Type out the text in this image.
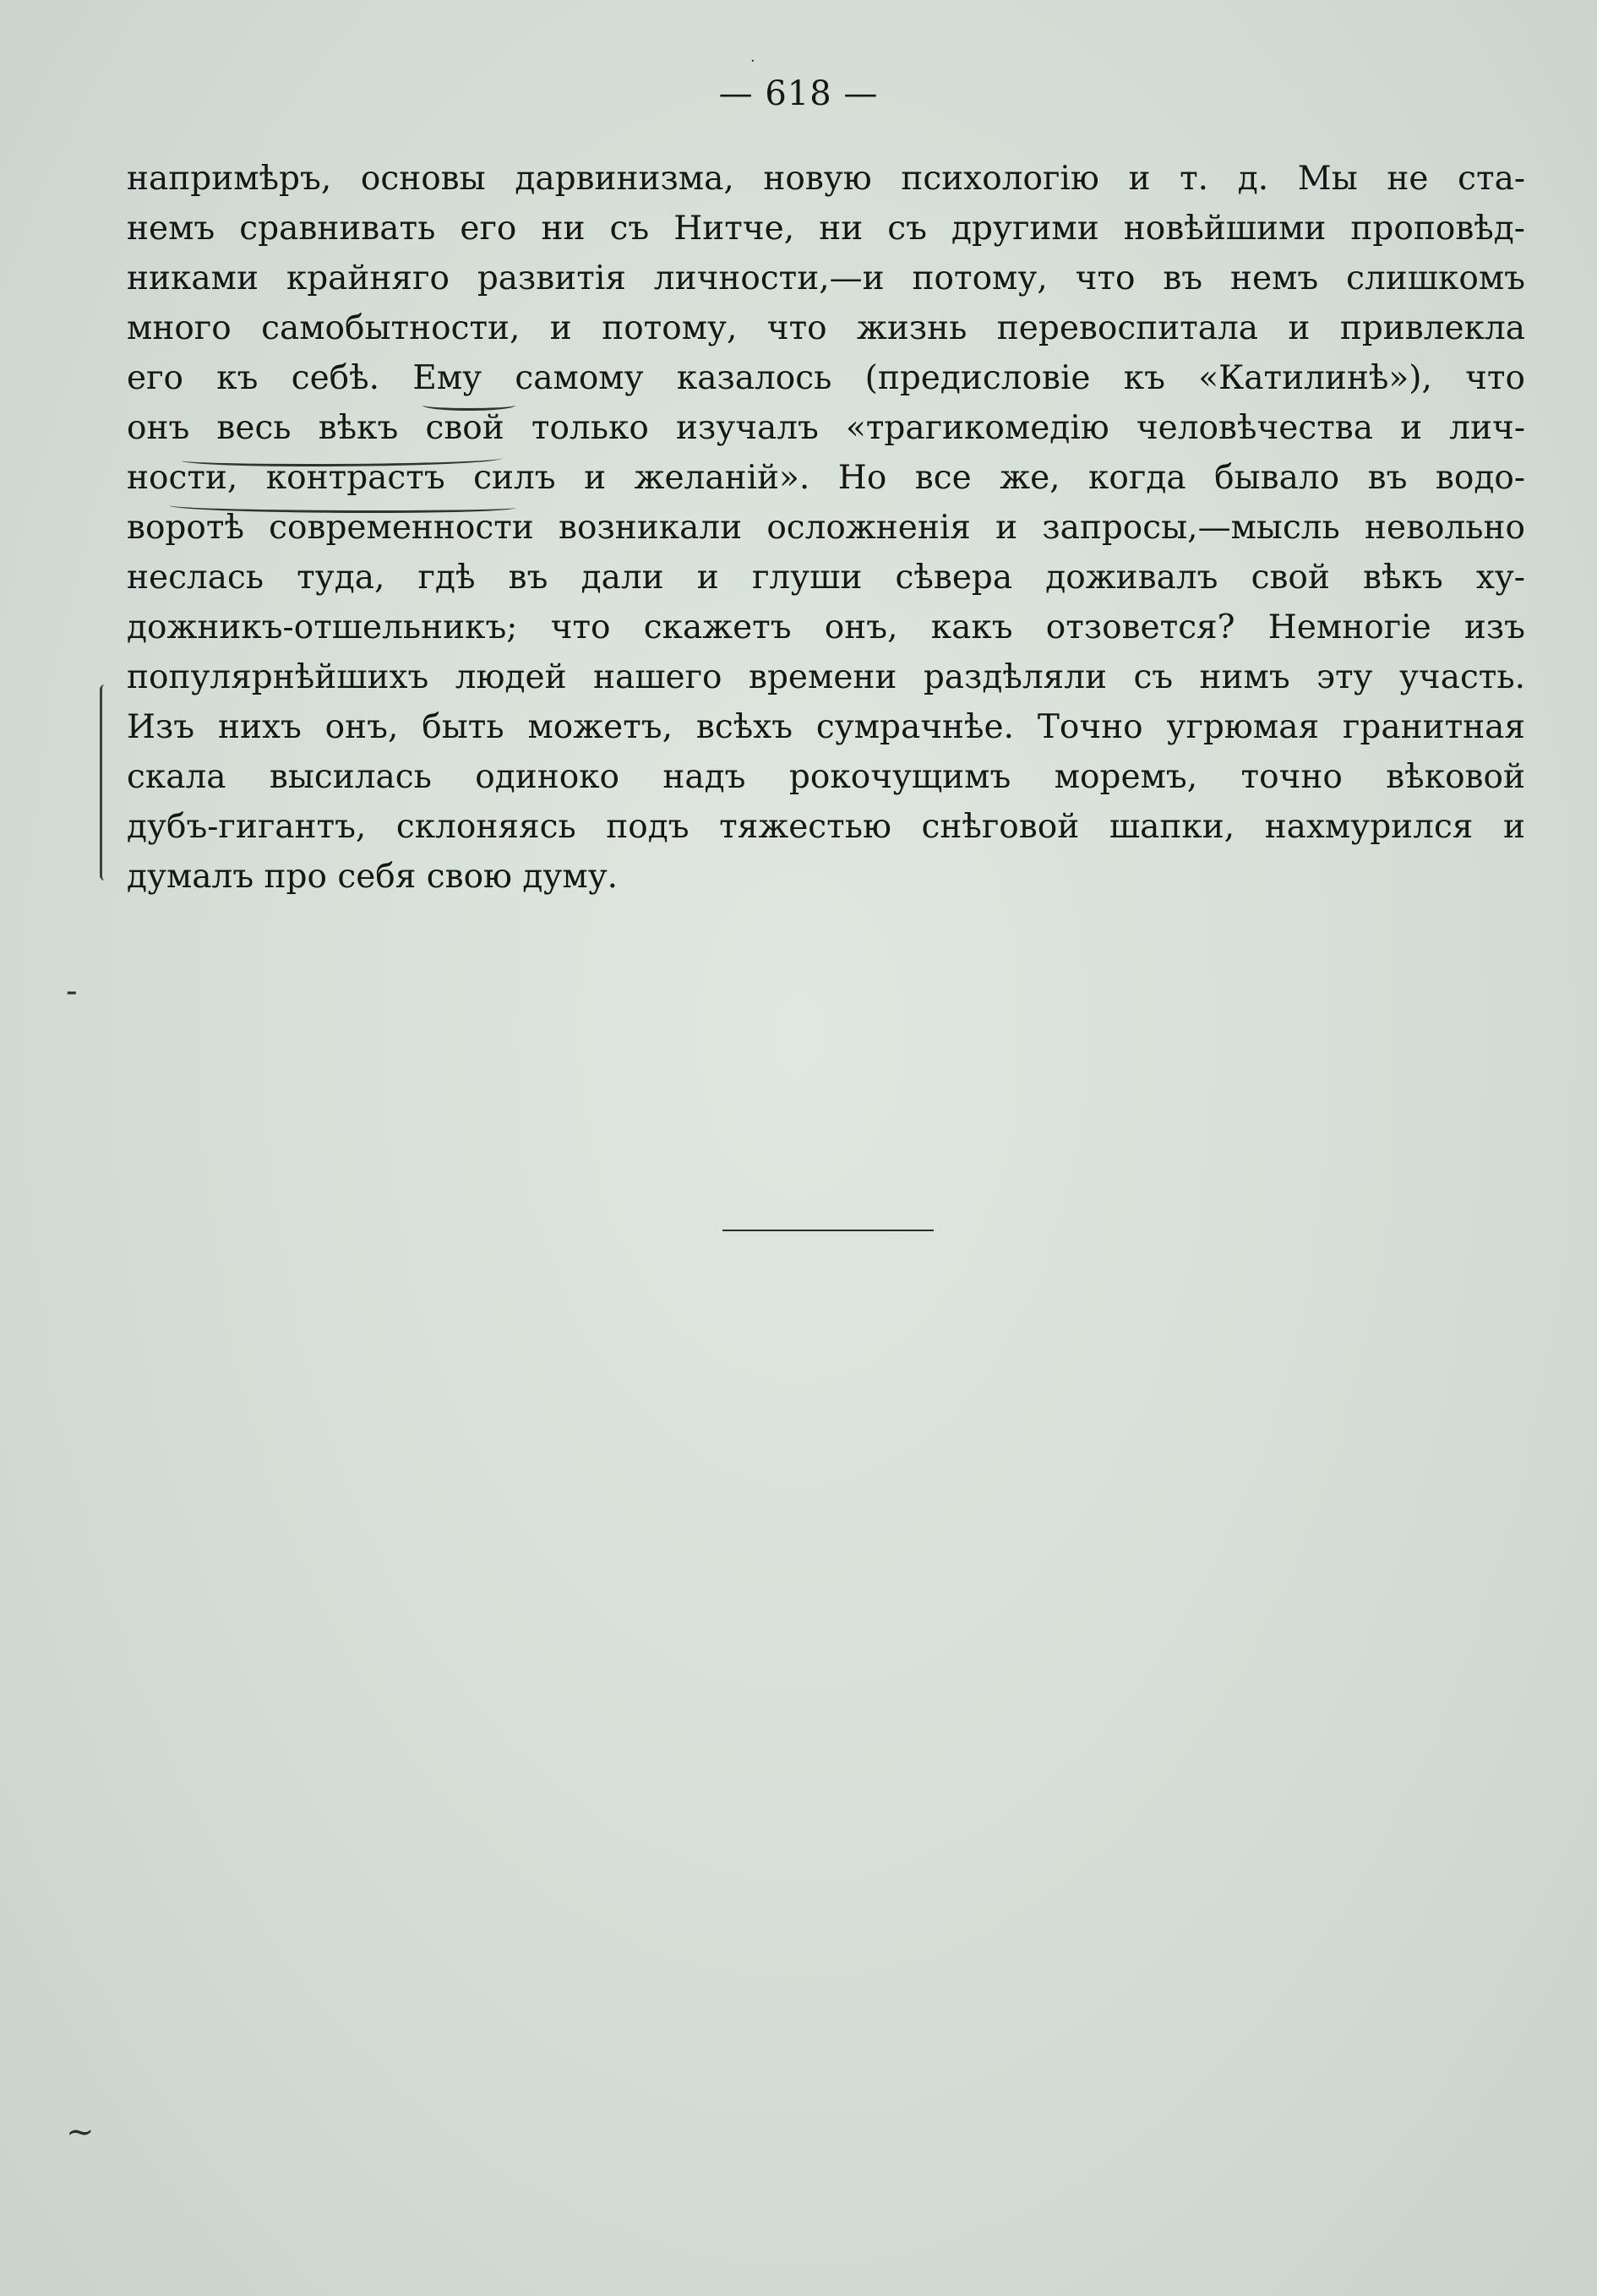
— 618 —
напримѣръ, основы дарвинизма, новую психологію и т. д. Мы не ста-
немъ сравнивать его ни съ Нитче, ни съ другими новѣйшими проповѣд-
никами крайняго развитія личности,—и потому, что въ немъ слишкомъ
много самобытности, и потому, что жизнь перевоспитала и привлекла
его къ себѣ. Ему самому казалось (предисловіе къ «Катилинѣ»), что
онъ весь вѣкъ свой только изучалъ «трагикомедію человѣчества и лич-
ности, контрастъ силъ и желаній». Но все же, когда бывало въ водо-
воротѣ современности возникали осложненія и запросы,—мысль невольно
неслась туда, гдѣ въ дали и глуши сѣвера доживалъ свой вѣкъ ху-
дожникъ-отшельникъ; что скажетъ онъ, какъ отзовется? Немногіе изъ
популярнѣйшихъ людей нашего времени раздѣляли съ нимъ эту участь.
Изъ нихъ онъ, быть можетъ, всѣхъ сумрачнѣе. Точно угрюмая гранитная
скала высилась одиноко надъ рокочущимъ моремъ, точно вѣковой
дубъ-гигантъ, склоняясь подъ тяжестью снѣговой шапки, нахмурился и
думалъ про себя свою думу.
-
~
·
